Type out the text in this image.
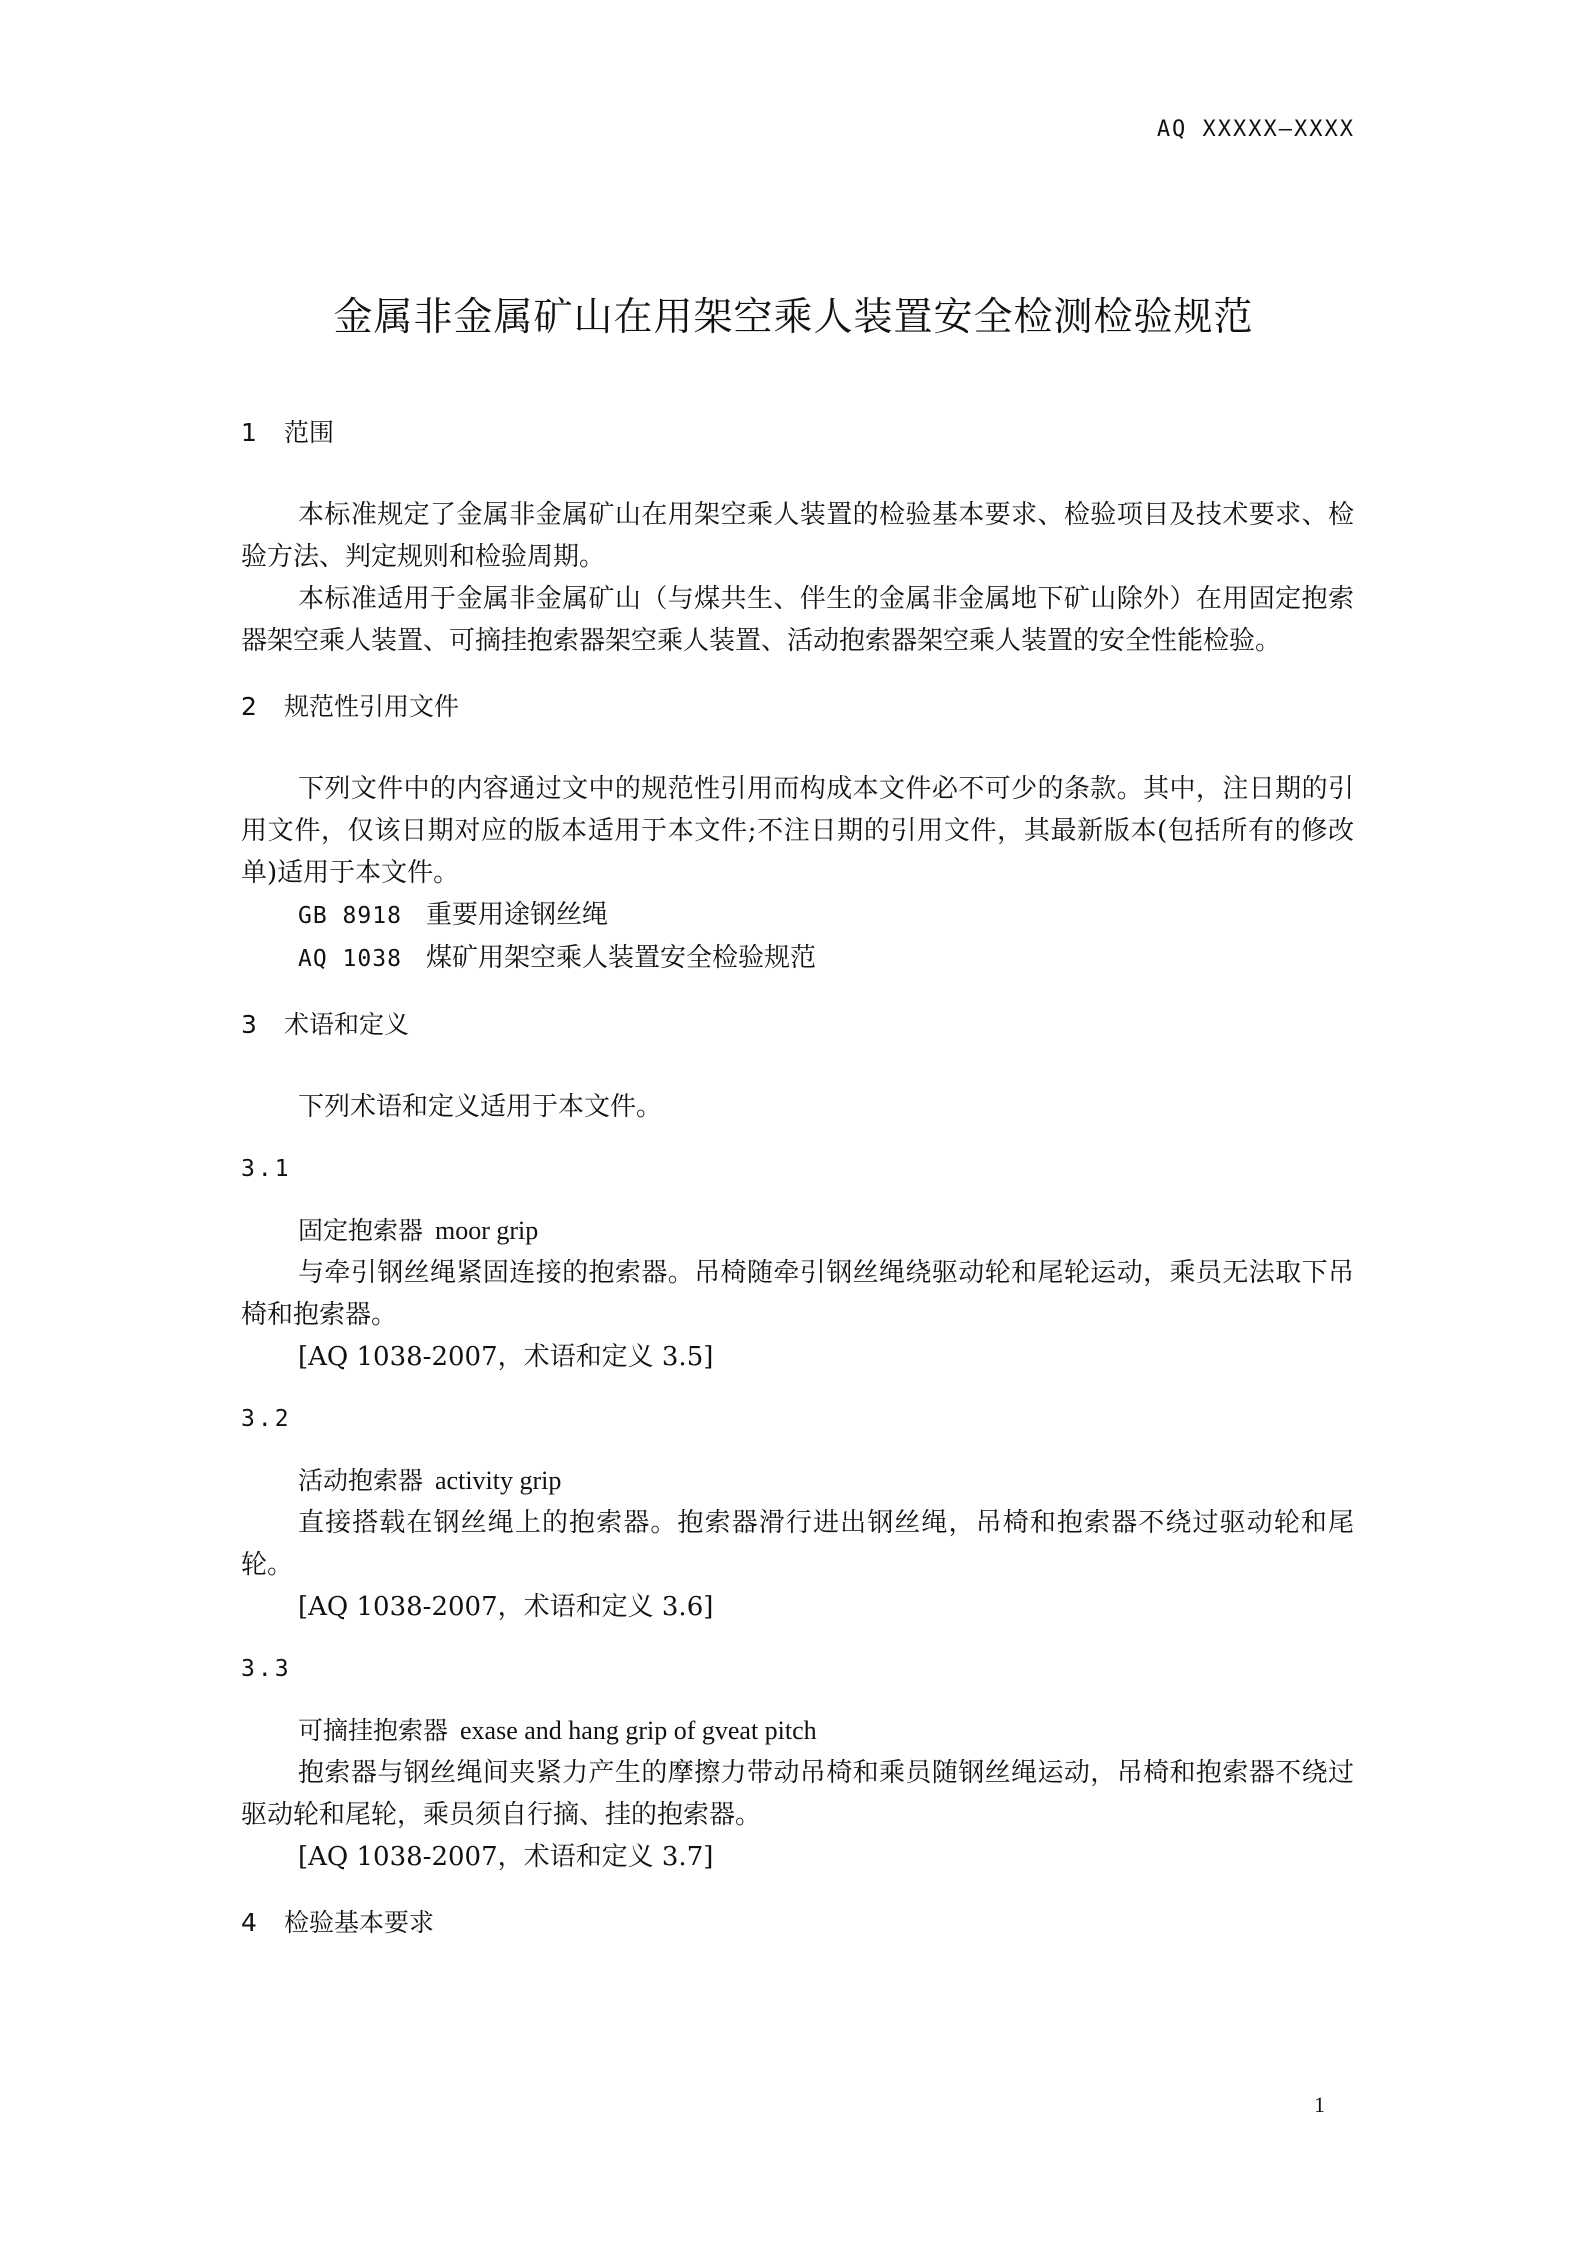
AQ XXXXX—XXXX
金属非金属矿山在用架空乘人装置安全检测检验规范
1 范围

本标准规定了金属非金属矿山在用架空乘人装置的检验基本要求、检验项目及技术要求、检验方法、判定规则和检验周期。

本标准适用于金属非金属矿山（与煤共生、伴生的金属非金属地下矿山除外）在用固定抱索器架空乘人装置、可摘挂抱索器架空乘人装置、活动抱索器架空乘人装置的安全性能检验。

2 规范性引用文件

下列文件中的内容通过文中的规范性引用而构成本文件必不可少的条款。其中，注日期的引用文件，仅该日期对应的版本适用于本文件;不注日期的引用文件，其最新版本(包括所有的修改单)适用于本文件。

GB 8918 重要用途钢丝绳
AQ 1038 煤矿用架空乘人装置安全检验规范
3 术语和定义

下列术语和定义适用于本文件。

3.1
固定抱索器 moor grip

与牵引钢丝绳紧固连接的抱索器。吊椅随牵引钢丝绳绕驱动轮和尾轮运动，乘员无法取下吊椅和抱索器。

[AQ 1038-2007，术语和定义 3.5]
3.2
活动抱索器 activity grip

直接搭载在钢丝绳上的抱索器。抱索器滑行进出钢丝绳，吊椅和抱索器不绕过驱动轮和尾轮。

[AQ 1038-2007，术语和定义 3.6]
3.3
可摘挂抱索器 exase and hang grip of gveat pitch

抱索器与钢丝绳间夹紧力产生的摩擦力带动吊椅和乘员随钢丝绳运动，吊椅和抱索器不绕过驱动轮和尾轮，乘员须自行摘、挂的抱索器。

[AQ 1038-2007，术语和定义 3.7]
4 检验基本要求
1
